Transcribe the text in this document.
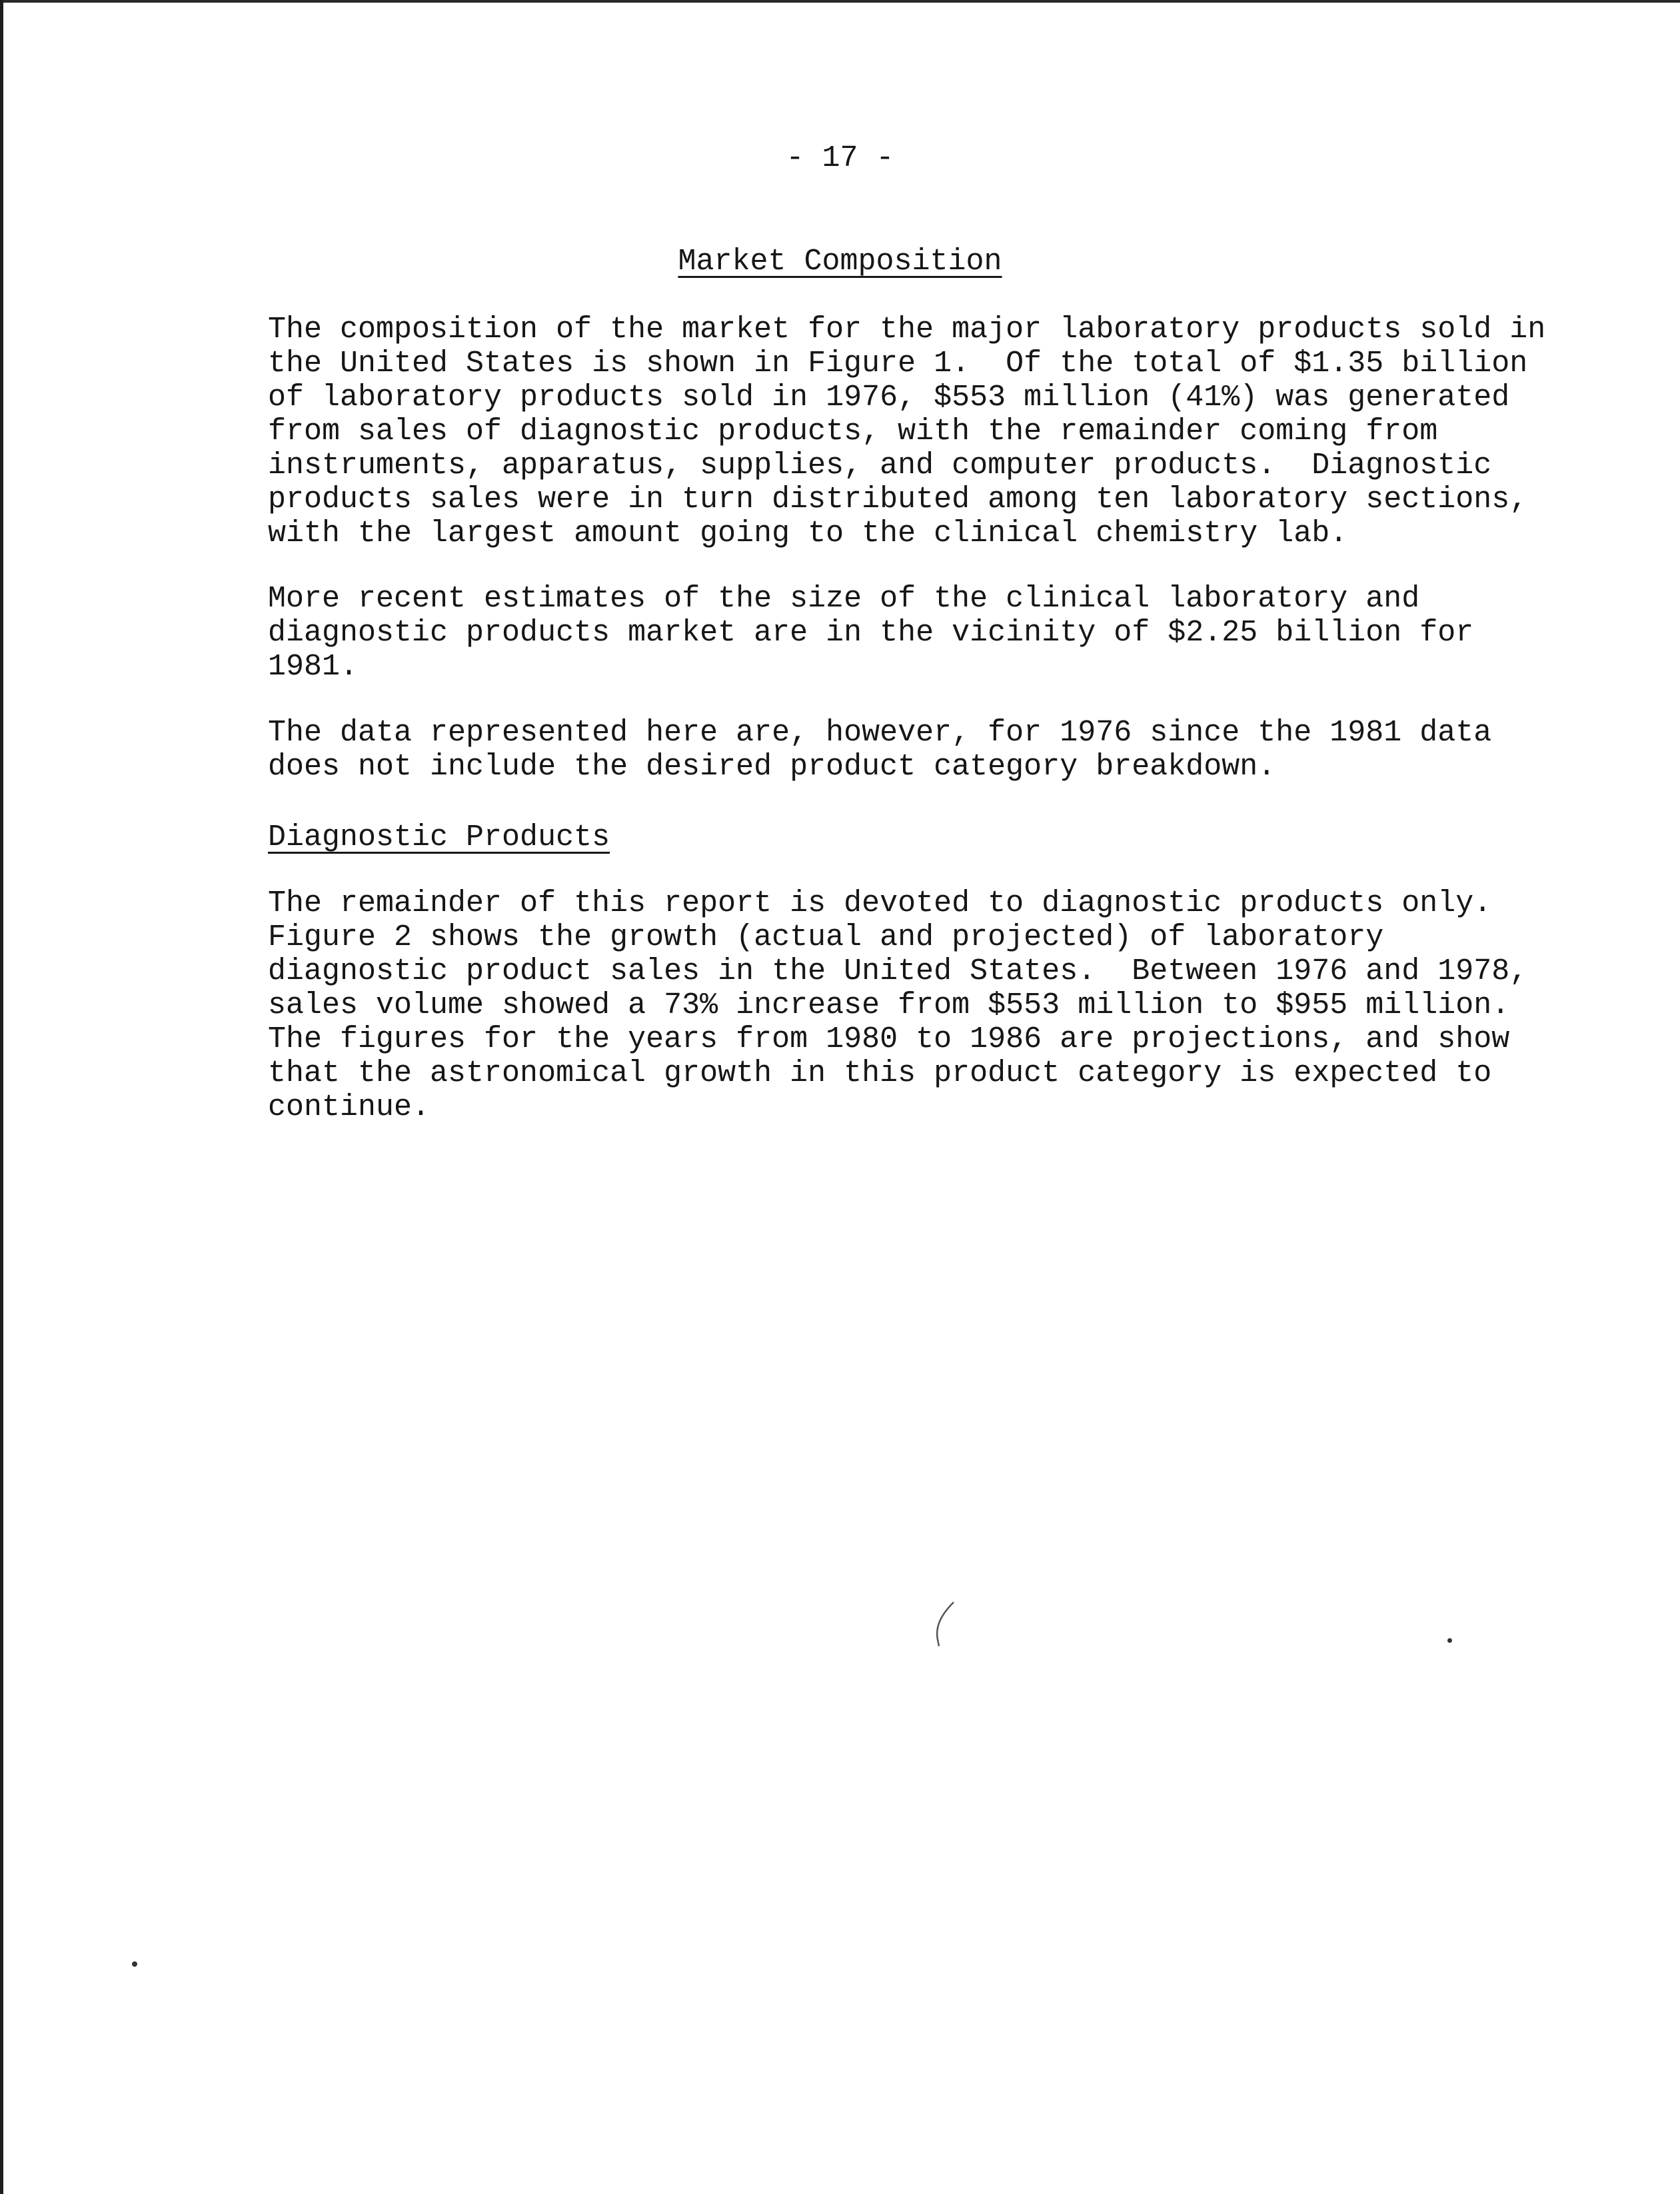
- 17 -
Market Composition
The composition of the market for the major laboratory products sold in
the United States is shown in Figure 1.  Of the total of $1.35 billion
of laboratory products sold in 1976, $553 million (41%) was generated
from sales of diagnostic products, with the remainder coming from
instruments, apparatus, supplies, and computer products.  Diagnostic
products sales were in turn distributed among ten laboratory sections,
with the largest amount going to the clinical chemistry lab.
More recent estimates of the size of the clinical laboratory and
diagnostic products market are in the vicinity of $2.25 billion for
1981.
The data represented here are, however, for 1976 since the 1981 data
does not include the desired product category breakdown.
Diagnostic Products
The remainder of this report is devoted to diagnostic products only.
Figure 2 shows the growth (actual and projected) of laboratory
diagnostic product sales in the United States.  Between 1976 and 1978,
sales volume showed a 73% increase from $553 million to $955 million.
The figures for the years from 1980 to 1986 are projections, and show
that the astronomical growth in this product category is expected to
continue.
